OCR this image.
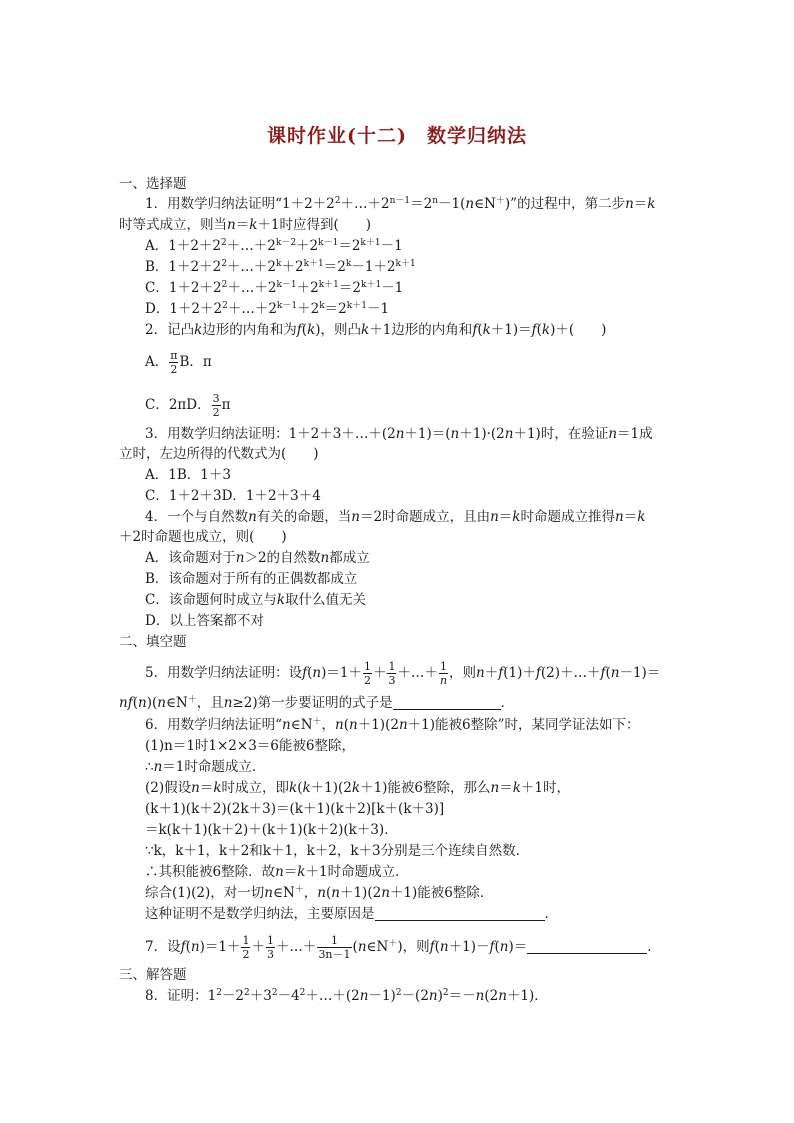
课时作业(十二) 数学归纳法
一、选择题
1．用数学归纳法证明“$1+2+2^2+\dots+2^{n-1}=2^n-1(n\in N^+)$”的过程中，第二步n＝k
时等式成立，则当n＝k＋1时应得到(　　)
A．$1+2+2^2+\dots+2^{k-2}+2^{k-1}=2^{k+1}-1$
B．$1+2+2^2+\dots+2^k+2^{k+1}=2^k-1+2^{k+1}$
C．$1+2+2^2+\dots+2^{k-1}+2^{k+1}=2^{k+1}-1$
D．$1+2+2^2+\dots+2^{k-1}+2^k=2^{k+1}-1$
2．记凸k边形的内角和为f(k)，则凸k＋1边形的内角和f(k＋1)＝f(k)＋(　　)
A． $\frac{\pi}{2}$ B．π
C．2πD． $\frac{3}{2}$ π
3．用数学归纳法证明：1＋2＋3＋…＋(2n＋1)＝(n＋1)·(2n＋1)时，在验证n＝1成
立时，左边所得的代数式为(　　)
A．1B．1＋3
C．1＋2＋3D．1＋2＋3＋4
4．一个与自然数n有关的命题，当n＝2时命题成立，且由n＝k时命题成立推得n＝k
＋2时命题也成立，则(　　)
A．该命题对于n＞2的自然数n都成立
B．该命题对于所有的正偶数都成立
C．该命题何时成立与k取什么值无关
D．以上答案都不对
二、填空题
5．用数学归纳法证明：设$f(n)=1+ \frac{1}{2} + \frac{1}{3}$ ＋…＋ $\frac{1}{n}$ ，则n＋f(1)＋f(2)＋…＋f(n－1)＝
nf(n)(n∈N＋，且n≥2)第一步要证明的式子是	．
6．用数学归纳法证明“n∈N＋，n(n＋1)(2n＋1)能被6整除”时，某同学证法如下：
(1)n＝1时1×2×3＝6能被6整除，
∴n＝1时命题成立．
(2)假设n＝k时成立，即k(k＋1)(2k＋1)能被6整除，那么n＝k＋1时，
(k＋1)(k＋2)(2k＋3)＝(k＋1)(k＋2)[k＋(k＋3)]
＝k(k＋1)(k＋2)＋(k＋1)(k＋2)(k＋3)．
∵k，k＋1，k＋2和k＋1，k＋2，k＋3分别是三个连续自然数．
∴其积能被6整除．故n＝k＋1时命题成立．
综合(1)(2)，对一切n∈N＋，n(n＋1)(2n＋1)能被6整除．
这种证明不是数学归纳法，主要原因是	．
7．设$f(n)=1+ \frac{1}{2} + \frac{1}{3}$ ＋…＋ $\frac{1}{3n-1}$ (n∈N＋)，则f(n＋1)－f(n)＝	．
三、解答题
8．证明：$1^2-2^2+3^2-4^2+\dots+(2n-1)^2-(2n)^2=-n(2n+1)$．
